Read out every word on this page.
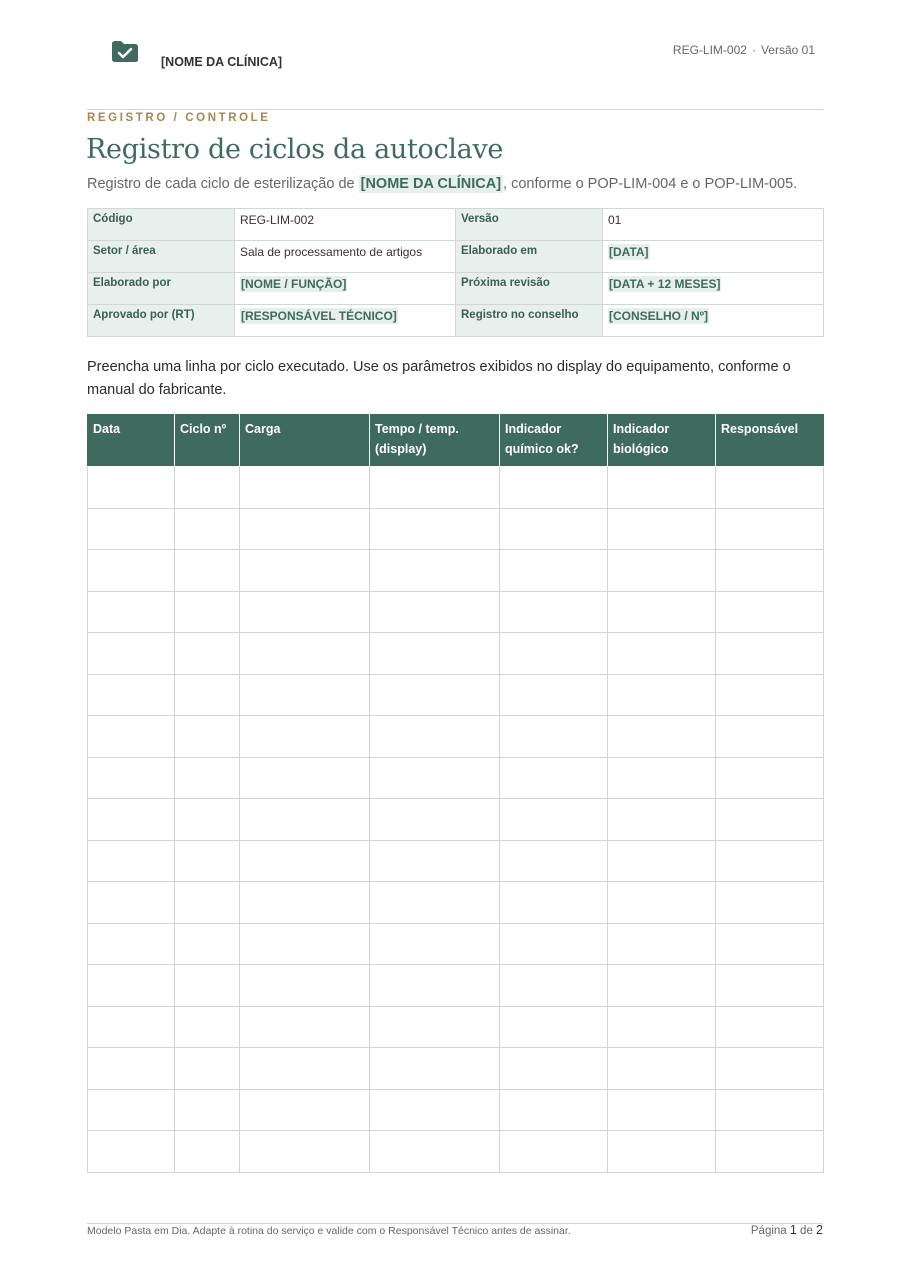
[NOME DA CLÍNICA]
REG-LIM-002 · Versão 01
REGISTRO / CONTROLE
Registro de ciclos da autoclave
Registro de cada ciclo de esterilização de [NOME DA CLÍNICA] , conforme o POP-LIM-004 e o POP-LIM-005.
Código	REG-LIM-002	Versão	01
Setor / área	Sala de processamento de artigos	Elaborado em	[DATA]
Elaborado por	[NOME / FUNÇÃO]	Próxima revisão	[DATA + 12 MESES]
Aprovado por (RT)	[RESPONSÁVEL TÉCNICO]	Registro no conselho	[CONSELHO / Nº]

Preencha uma linha por ciclo executado. Use os parâmetros exibidos no display do equipamento, conforme o manual do fabricante.

Data	Ciclo nº	Carga	Tempo / temp. (display)	Indicador químico ok?	Indicador biológico	Responsável

Modelo Pasta em Dia. Adapte à rotina do serviço e valide com o Responsável Técnico antes de assinar.	Página 1 de 2
